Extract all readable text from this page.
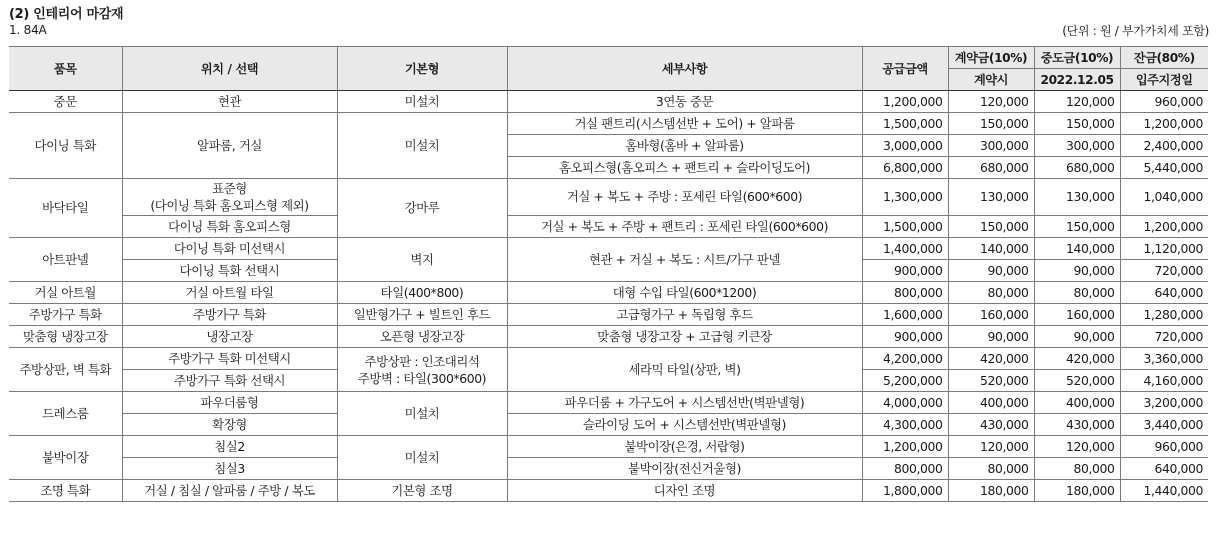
(2) 인테리어 마감재
1. 84A	(단위 : 원 / 부가가치세 포함)
품목	위치 / 선택	기본형	세부사항	공급금액	계약금(10%)	중도금(10%)	잔금(80%)
					계약시	2022.12.05	입주지정일
중문	현관	미설치	3연동 중문	1,200,000	120,000	120,000	960,000
다이닝 특화	알파룸, 거실	미설치	거실 팬트리(시스템선반 + 도어) + 알파룸	1,500,000	150,000	150,000	1,200,000
			홈바형(홈바 + 알파룸)	3,000,000	300,000	300,000	2,400,000
			홈오피스형(홈오피스 + 팬트리 + 슬라이딩도어)	6,800,000	680,000	680,000	5,440,000
바닥타일	표준형
(다이닝 특화 홈오피스형 제외)	강마루	거실 + 복도 + 주방 : 포세린 타일(600*600)	1,300,000	130,000	130,000	1,040,000
	다이닝 특화 홈오피스형		거실 + 복도 + 주방 + 팬트리 : 포세린 타일(600*600)	1,500,000	150,000	150,000	1,200,000
아트판넬	다이닝 특화 미선택시	벽지	현관 + 거실 + 복도 : 시트/가구 판넬	1,400,000	140,000	140,000	1,120,000
	다이닝 특화 선택시			900,000	90,000	90,000	720,000
거실 아트월	거실 아트월 타일	타일(400*800)	대형 수입 타일(600*1200)	800,000	80,000	80,000	640,000
주방가구 특화	주방가구 특화	일반형가구 + 빌트인 후드	고급형가구 + 독립형 후드	1,600,000	160,000	160,000	1,280,000
맞춤형 냉장고장	냉장고장	오픈형 냉장고장	맞춤형 냉장고장 + 고급형 키큰장	900,000	90,000	90,000	720,000
주방상판, 벽 특화	주방가구 특화 미선택시	주방상판 : 인조대리석
주방벽 : 타일(300*600)	세라믹 타일(상판, 벽)	4,200,000	420,000	420,000	3,360,000
	주방가구 특화 선택시			5,200,000	520,000	520,000	4,160,000
드레스룸	파우더룸형	미설치	파우더룸 + 가구도어 + 시스템선반(벽판넬형)	4,000,000	400,000	400,000	3,200,000
	확장형		슬라이딩 도어 + 시스템선반(벽판넬형)	4,300,000	430,000	430,000	3,440,000
붙박이장	침실2	미설치	붙박이장(은경, 서랍형)	1,200,000	120,000	120,000	960,000
	침실3		붙박이장(전신거울형)	800,000	80,000	80,000	640,000
조명 특화	거실 / 침실 / 알파룸 / 주방 / 복도	기본형 조명	디자인 조명	1,800,000	180,000	180,000	1,440,000
